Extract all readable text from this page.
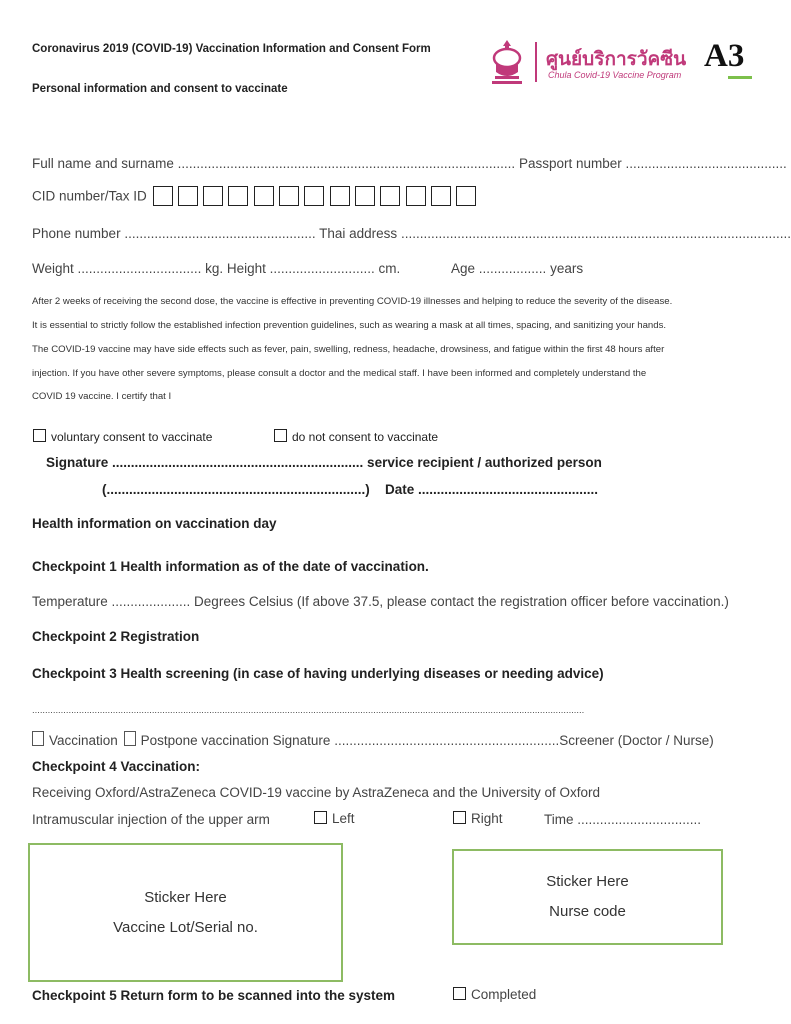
Coronavirus 2019 (COVID-19) Vaccination Information and Consent Form
Personal information and consent to vaccinate
ศูนย์บริการวัคซีน
Chula Covid-19 Vaccine Program
A3
Full name and surname .......................................................................................... Passport number ...........................................
CID number/Tax ID
Phone number ................................................... Thai address ........................................................................................................
Weight ................................. kg. Height ............................ cm.	Age .................. years
After 2 weeks of receiving the second dose, the vaccine is effective in preventing COVID-19 illnesses and helping to reduce the severity of the disease.
It is essential to strictly follow the established infection prevention guidelines, such as wearing a mask at all times, spacing, and sanitizing your hands.
The COVID-19 vaccine may have side effects such as fever, pain, swelling, redness, headache, drowsiness, and fatigue within the first 48 hours after
injection. If you have other severe symptoms, please consult a doctor and the medical staff. I have been informed and completely understand the
COVID 19 vaccine. I certify that I
voluntary consent to vaccinate	do not consent to vaccinate
Signature ................................................................... service recipient / authorized person
(.....................................................................) Date ................................................
Health information on vaccination day
Checkpoint 1 Health information as of the date of vaccination.
Temperature ..................... Degrees Celsius (If above 37.5, please contact the registration officer before vaccination.)
Checkpoint 2 Registration
Checkpoint 3 Health screening (in case of having underlying diseases or needing advice)
....................................................................................................................................................................................................................
Vaccination Postpone vaccination Signature ............................................................Screener (Doctor / Nurse)
Checkpoint 4 Vaccination:
Receiving Oxford/AstraZeneca COVID-19 vaccine by AstraZeneca and the University of Oxford
Intramuscular injection of the upper arm	Left	Right	Time .................................
Sticker Here
Vaccine Lot/Serial no.
Sticker Here
Nurse code
Checkpoint 5 Return form to be scanned into the system	Completed
